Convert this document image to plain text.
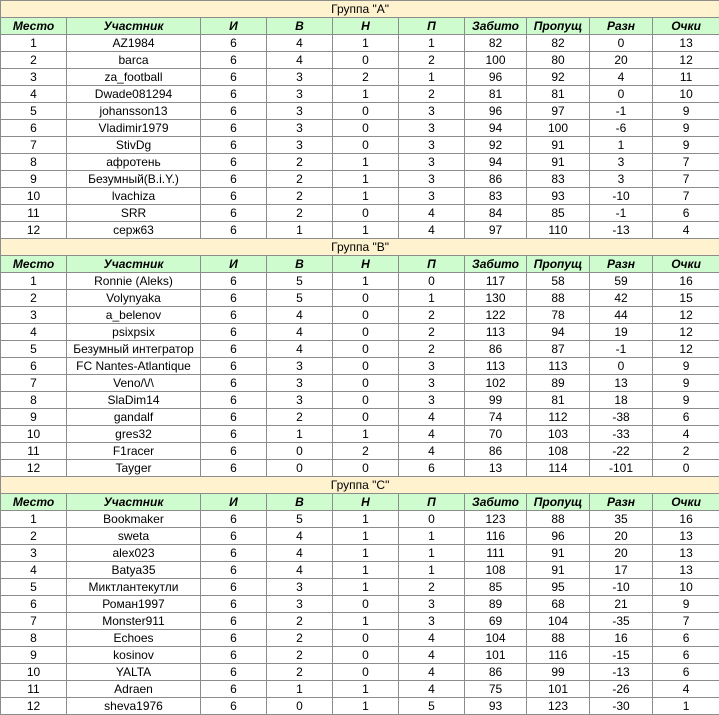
Группа "A"									
Место	Участник	И	В	Н	П	Забито	Пропущ	Разн	Очки
1	AZ1984	6	4	1	1	82	82	0	13
2	barca	6	4	0	2	100	80	20	12
3	za_football	6	3	2	1	96	92	4	11
4	Dwade081294	6	3	1	2	81	81	0	10
5	johansson13	6	3	0	3	96	97	-1	9
6	Vladimir1979	6	3	0	3	94	100	-6	9
7	StivDg	6	3	0	3	92	91	1	9
8	афротень	6	2	1	3	94	91	3	7
9	Безумный(B.i.Y.)	6	2	1	3	86	83	3	7
10	lvachiza	6	2	1	3	83	93	-10	7
11	SRR	6	2	0	4	84	85	-1	6
12	серж63	6	1	1	4	97	110	-13	4
Группа "B"									
Место	Участник	И	В	Н	П	Забито	Пропущ	Разн	Очки
1	Ronnie (Aleks)	6	5	1	0	117	58	59	16
2	Volynyaka	6	5	0	1	130	88	42	15
3	a_belenov	6	4	0	2	122	78	44	12
4	psixpsix	6	4	0	2	113	94	19	12
5	Безумный интегратор	6	4	0	2	86	87	-1	12
6	FC Nantes-Atlantique	6	3	0	3	113	113	0	9
7	Veno/\/\	6	3	0	3	102	89	13	9
8	SlaDim14	6	3	0	3	99	81	18	9
9	gandalf	6	2	0	4	74	112	-38	6
10	gres32	6	1	1	4	70	103	-33	4
11	F1racer	6	0	2	4	86	108	-22	2
12	Tayger	6	0	0	6	13	114	-101	0
Группа "C"									
Место	Участник	И	В	Н	П	Забито	Пропущ	Разн	Очки
1	Bookmaker	6	5	1	0	123	88	35	16
2	sweta	6	4	1	1	116	96	20	13
3	alex023	6	4	1	1	111	91	20	13
4	Batya35	6	4	1	1	108	91	17	13
5	Миктлантекутли	6	3	1	2	85	95	-10	10
6	Роман1997	6	3	0	3	89	68	21	9
7	Monster911	6	2	1	3	69	104	-35	7
8	Echoes	6	2	0	4	104	88	16	6
9	kosinov	6	2	0	4	101	116	-15	6
10	YALTA	6	2	0	4	86	99	-13	6
11	Adraen	6	1	1	4	75	101	-26	4
12	sheva1976	6	0	1	5	93	123	-30	1
